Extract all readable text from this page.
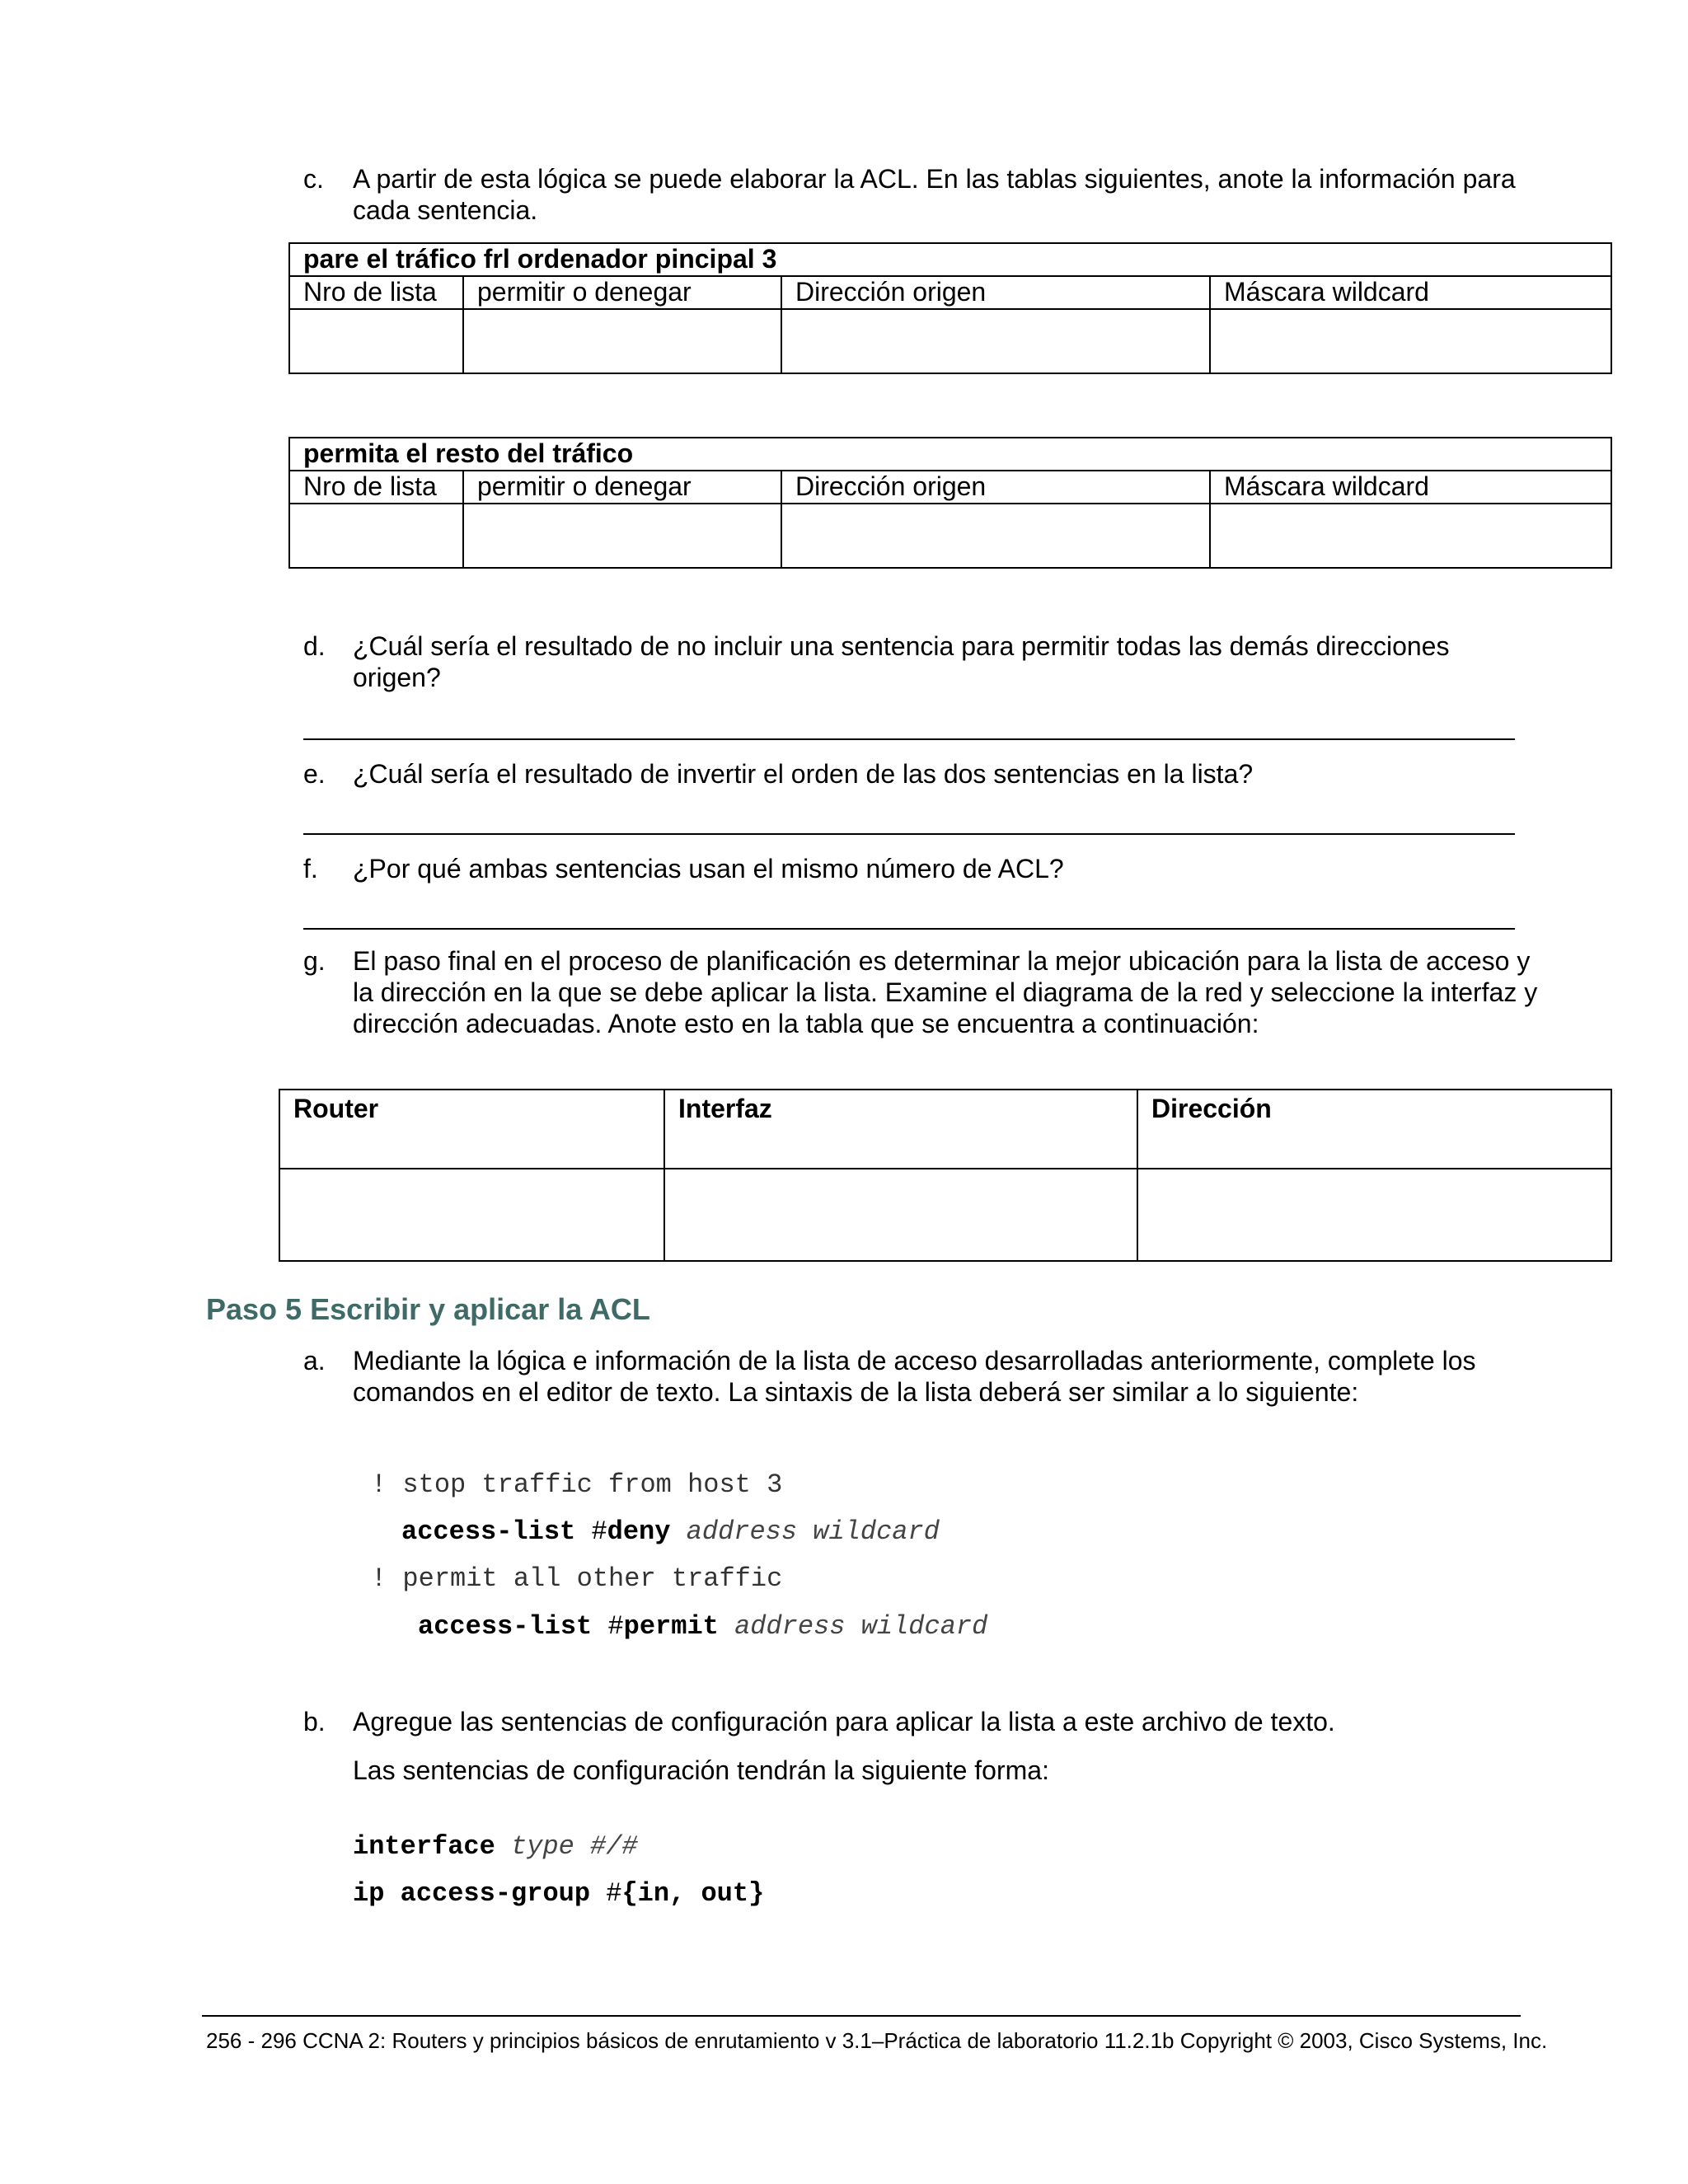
c. A partir de esta lógica se puede elaborar la ACL. En las tablas siguientes, anote la información para cada sentencia.
pare el tráfico frl ordenador pincipal 3			
Nro de lista	permitir o denegar	Dirección origen	Máscara wildcard

permita el resto del tráfico			
Nro de lista	permitir o denegar	Dirección origen	Máscara wildcard

d. ¿Cuál sería el resultado de no incluir una sentencia para permitir todas las demás direcciones origen?
e. ¿Cuál sería el resultado de invertir el orden de las dos sentencias en la lista?
f. ¿Por qué ambas sentencias usan el mismo número de ACL?
g. El paso final en el proceso de planificación es determinar la mejor ubicación para la lista de acceso y la dirección en la que se debe aplicar la lista. Examine el diagrama de la red y seleccione la interfaz y dirección adecuadas. Anote esto en la tabla que se encuentra a continuación:
Router	Interfaz	Dirección

Paso 5 Escribir y aplicar la ACL
a. Mediante la lógica e información de la lista de acceso desarrolladas anteriormente, complete los comandos en el editor de texto. La sintaxis de la lista deberá ser similar a lo siguiente:
! stop traffic from host 3
access-list #deny address wildcard
! permit all other traffic
access-list #permit address wildcard
b. Agregue las sentencias de configuración para aplicar la lista a este archivo de texto.
Las sentencias de configuración tendrán la siguiente forma:
interface type #/#
ip access-group #{in, out}
256 - 296 CCNA 2: Routers y principios básicos de enrutamiento v 3.1–Práctica de laboratorio 11.2.1b Copyright © 2003, Cisco Systems, Inc.
